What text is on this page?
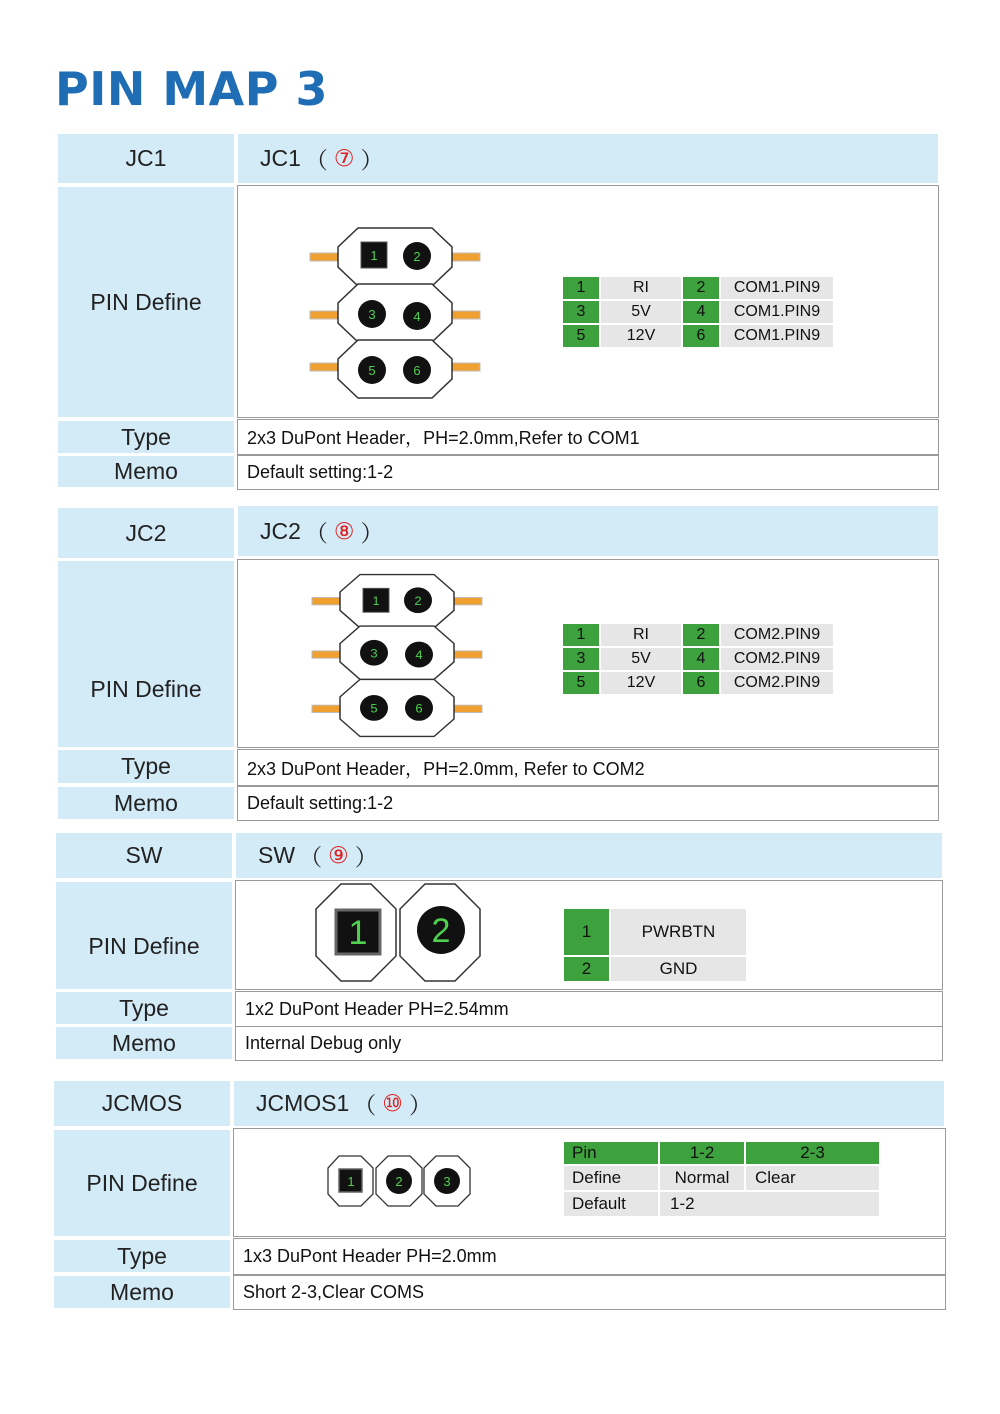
PIN MAP 3
JC1	JC1 （ ⑦ ）
PIN Define
1	2
3	4
5	6
1	RI	2	COM1.PIN9
3	5V	4	COM1.PIN9
5	12V	6	COM1.PIN9
Type	2x3 DuPont Header，PH=2.0mm,Refer to COM1
Memo	Default setting:1-2
JC2	JC2 （ ⑧ ）
PIN Define
1	2
3	4
5	6
1	RI	2	COM2.PIN9
3	5V	4	COM2.PIN9
5	12V	6	COM2.PIN9
Type	2x3 DuPont Header，PH=2.0mm, Refer to COM2
Memo	Default setting:1-2
SW	SW （ ⑨ ）
PIN Define	1 2	1	PWRBTN
2	GND
Type	1x2 DuPont Header PH=2.54mm
Memo	Internal Debug only
JCMOS	JCMOS1 （ ⑩ ）
PIN Define	1	2	3
Pin	1-2	2-3
Define	Normal	Clear
Default	1-2
Type	1x3 DuPont Header PH=2.0mm
Memo	Short 2-3,Clear COMS
